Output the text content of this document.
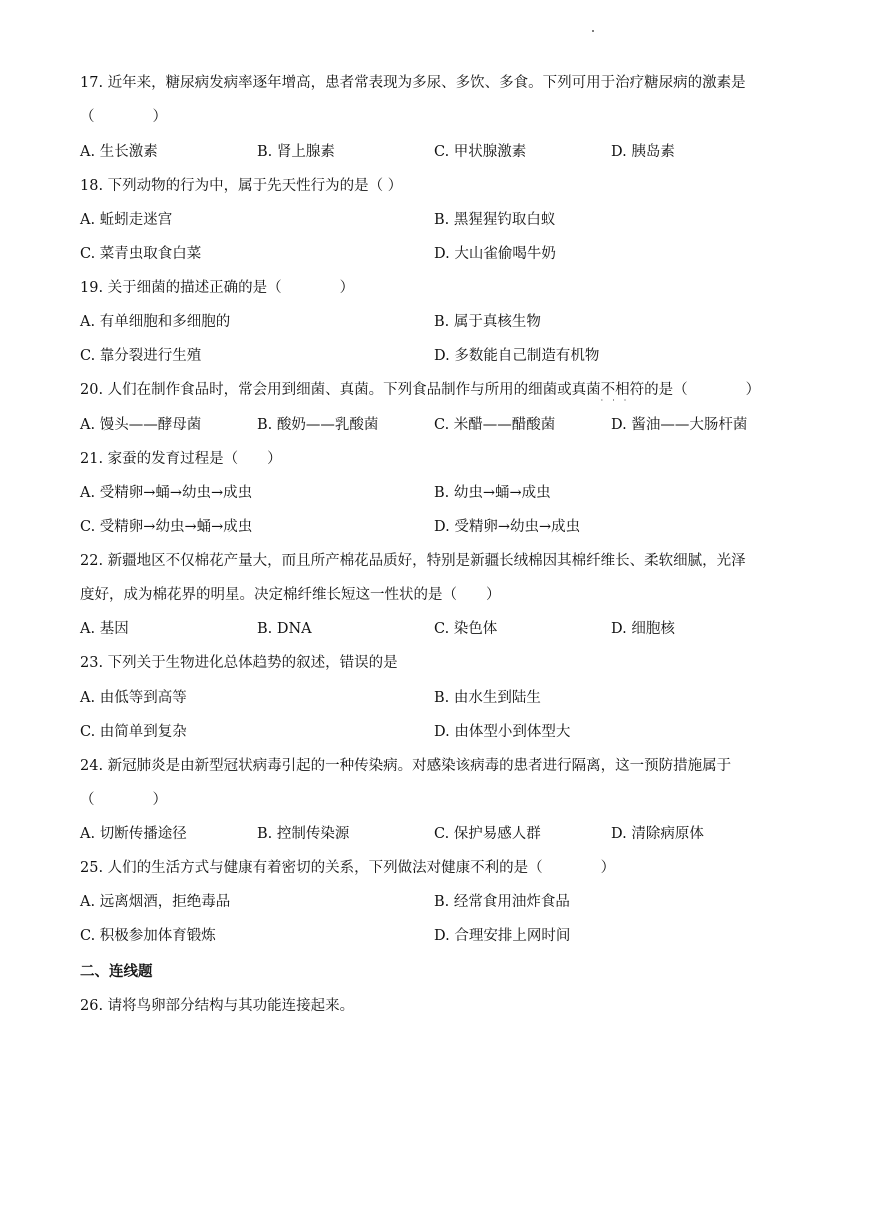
17. 近年来，糖尿病发病率逐年增高，患者常表现为多尿、多饮、多食。下列可用于治疗糖尿病的激素是
（　　　　）
A. 生长激素	B. 肾上腺素	C. 甲状腺激素	D. 胰岛素
18. 下列动物的行为中，属于先天性行为的是（ ）
A. 蚯蚓走迷宫	B. 黑猩猩钓取白蚁
C. 菜青虫取食白菜	D. 大山雀偷喝牛奶
19. 关于细菌的描述正确的是（　　　　）
A. 有单细胞和多细胞的	B. 属于真核生物
C. 靠分裂进行生殖	D. 多数能自己制造有机物
20. 人们在制作食品时，常会用到细菌、真菌。下列食品制作与所用的细菌或真菌不相符
···
的是（　　　　）
A. 馒头——酵母菌	B. 酸奶——乳酸菌	C. 米醋——醋酸菌	D. 酱油——大肠杆菌
21. 家蚕的发育过程是（　　）
A. 受精卵→蛹→幼虫→成虫	B. 幼虫→蛹→成虫
C. 受精卵→幼虫→蛹→成虫	D. 受精卵→幼虫→成虫
22. 新疆地区不仅棉花产量大，而且所产棉花品质好，特别是新疆长绒棉因其棉纤维长、柔软细腻，光泽
度好，成为棉花界的明星。决定棉纤维长短这一性状的是（　　）
A. 基因	B. DNA	C. 染色体	D. 细胞核
23. 下列关于生物进化总体趋势的叙述，错误的是
A. 由低等到高等	B. 由水生到陆生
C. 由简单到复杂	D. 由体型小到体型大
24. 新冠肺炎是由新型冠状病毒引起的一种传染病。对感染该病毒的患者进行隔离，这一预防措施属于
（　　　　）
A. 切断传播途径	B. 控制传染源	C. 保护易感人群	D. 清除病原体
25. 人们的生活方式与健康有着密切的关系，下列做法对健康不利的是（　　　　）
A. 远离烟酒，拒绝毒品	B. 经常食用油炸食品
C. 积极参加体育锻炼	D. 合理安排上网时间
二、连线题
26. 请将鸟卵部分结构与其功能连接起来。
